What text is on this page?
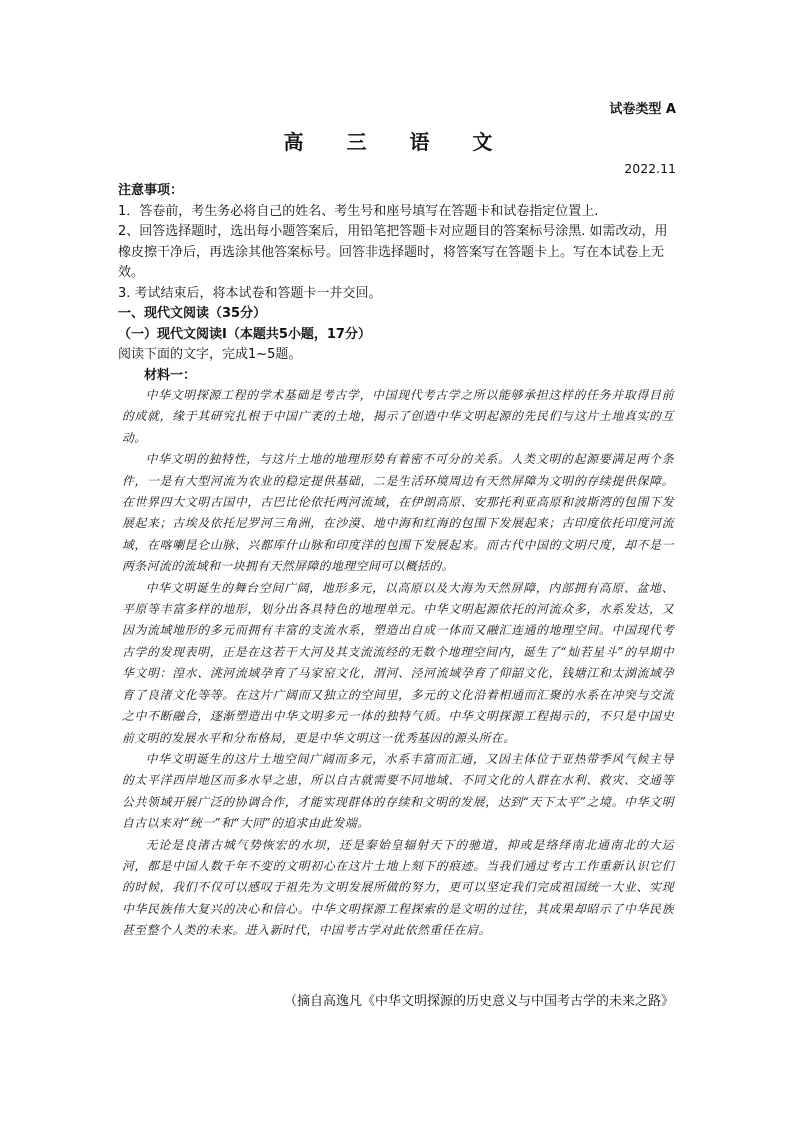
试卷类型 A
高 三 语 文
2022.11
注意事项：

1．答卷前，考生务必将自己的姓名、考生号和座号填写在答题卡和试卷指定位置上.

2、回答选择题时，选出每小题答案后，用铅笔把答题卡对应题目的答案标号涂黑. 如需改动，用橡皮擦干净后，再选涂其他答案标号。回答非选择题时，将答案写在答题卡上。写在本试卷上无效。

3. 考试结束后，将本试卷和答题卡一并交回。

一、现代文阅读（35分）
（一）现代文阅读Ⅰ（本题共5小题，17分）

阅读下面的文字，完成1~5题。

材料一：

中华文明探源工程的学术基础是考古学，中国现代考古学之所以能够承担这样的任务并取得目前的成就，缘于其研究扎根于中国广袤的土地，揭示了创造中华文明起源的先民们与这片土地真实的互动。

中华文明的独特性，与这片土地的地理形势有着密不可分的关系。人类文明的起源要满足两个条件，一是有大型河流为农业的稳定提供基础，二是生活环境周边有天然屏障为文明的存续提供保障。在世界四大文明古国中，古巴比伦依托两河流域，在伊朗高原、安那托利亚高原和波斯湾的包围下发展起来；古埃及依托尼罗河三角洲，在沙漠、地中海和红海的包围下发展起来；古印度依托印度河流域，在喀喇昆仑山脉、兴都库什山脉和印度洋的包围下发展起来。而古代中国的文明尺度，却不是一两条河流的流域和一块拥有天然屏障的地理空间可以概括的。

中华文明诞生的舞台空间广阔，地形多元，以高原以及大海为天然屏障，内部拥有高原、盆地、平原等丰富多样的地形，划分出各具特色的地理单元。中华文明起源依托的河流众多，水系发达，又因为流域地形的多元而拥有丰富的支流水系，塑造出自成一体而又融汇连通的地理空间。中国现代考古学的发现表明，正是在这若干大河及其支流流经的无数个地理空间内，诞生了“灿若星斗”的早期中华文明：湟水、洮河流域孕育了马家窑文化，渭河、泾河流域孕育了仰韶文化，钱塘江和太湖流域孕育了良渚文化等等。在这片广阔而又独立的空间里，多元的文化沿着相通而汇聚的水系在冲突与交流之中不断融合，逐渐塑造出中华文明多元一体的独特气质。中华文明探源工程揭示的，不只是中国史前文明的发展水平和分布格局，更是中华文明这一优秀基因的源头所在。

中华文明诞生的这片土地空间广阔而多元，水系丰富而汇通，又因主体位于亚热带季风气候主导的太平洋西岸地区而多水旱之患，所以自古就需要不同地域、不同文化的人群在水利、救灾、交通等公共领域开展广泛的协调合作，才能实现群体的存续和文明的发展，达到“天下太平”之境。中华文明自古以来对“统一”和“大同”的追求由此发端。

无论是良渚古城气势恢宏的水坝，还是秦始皇辐射天下的驰道，抑或是络绎南北通南北的大运河，都是中国人数千年不变的文明初心在这片土地上刻下的痕迹。当我们通过考古工作重新认识它们的时候，我们不仅可以感叹于祖先为文明发展所做的努力，更可以坚定我们完成祖国统一大业、实现中华民族伟大复兴的决心和信心。中华文明探源工程探索的是文明的过往，其成果却昭示了中华民族甚至整个人类的未来。进入新时代，中国考古学对此依然重任在肩。

（摘自高逸凡《中华文明探源的历史意义与中国考古学的未来之路》
